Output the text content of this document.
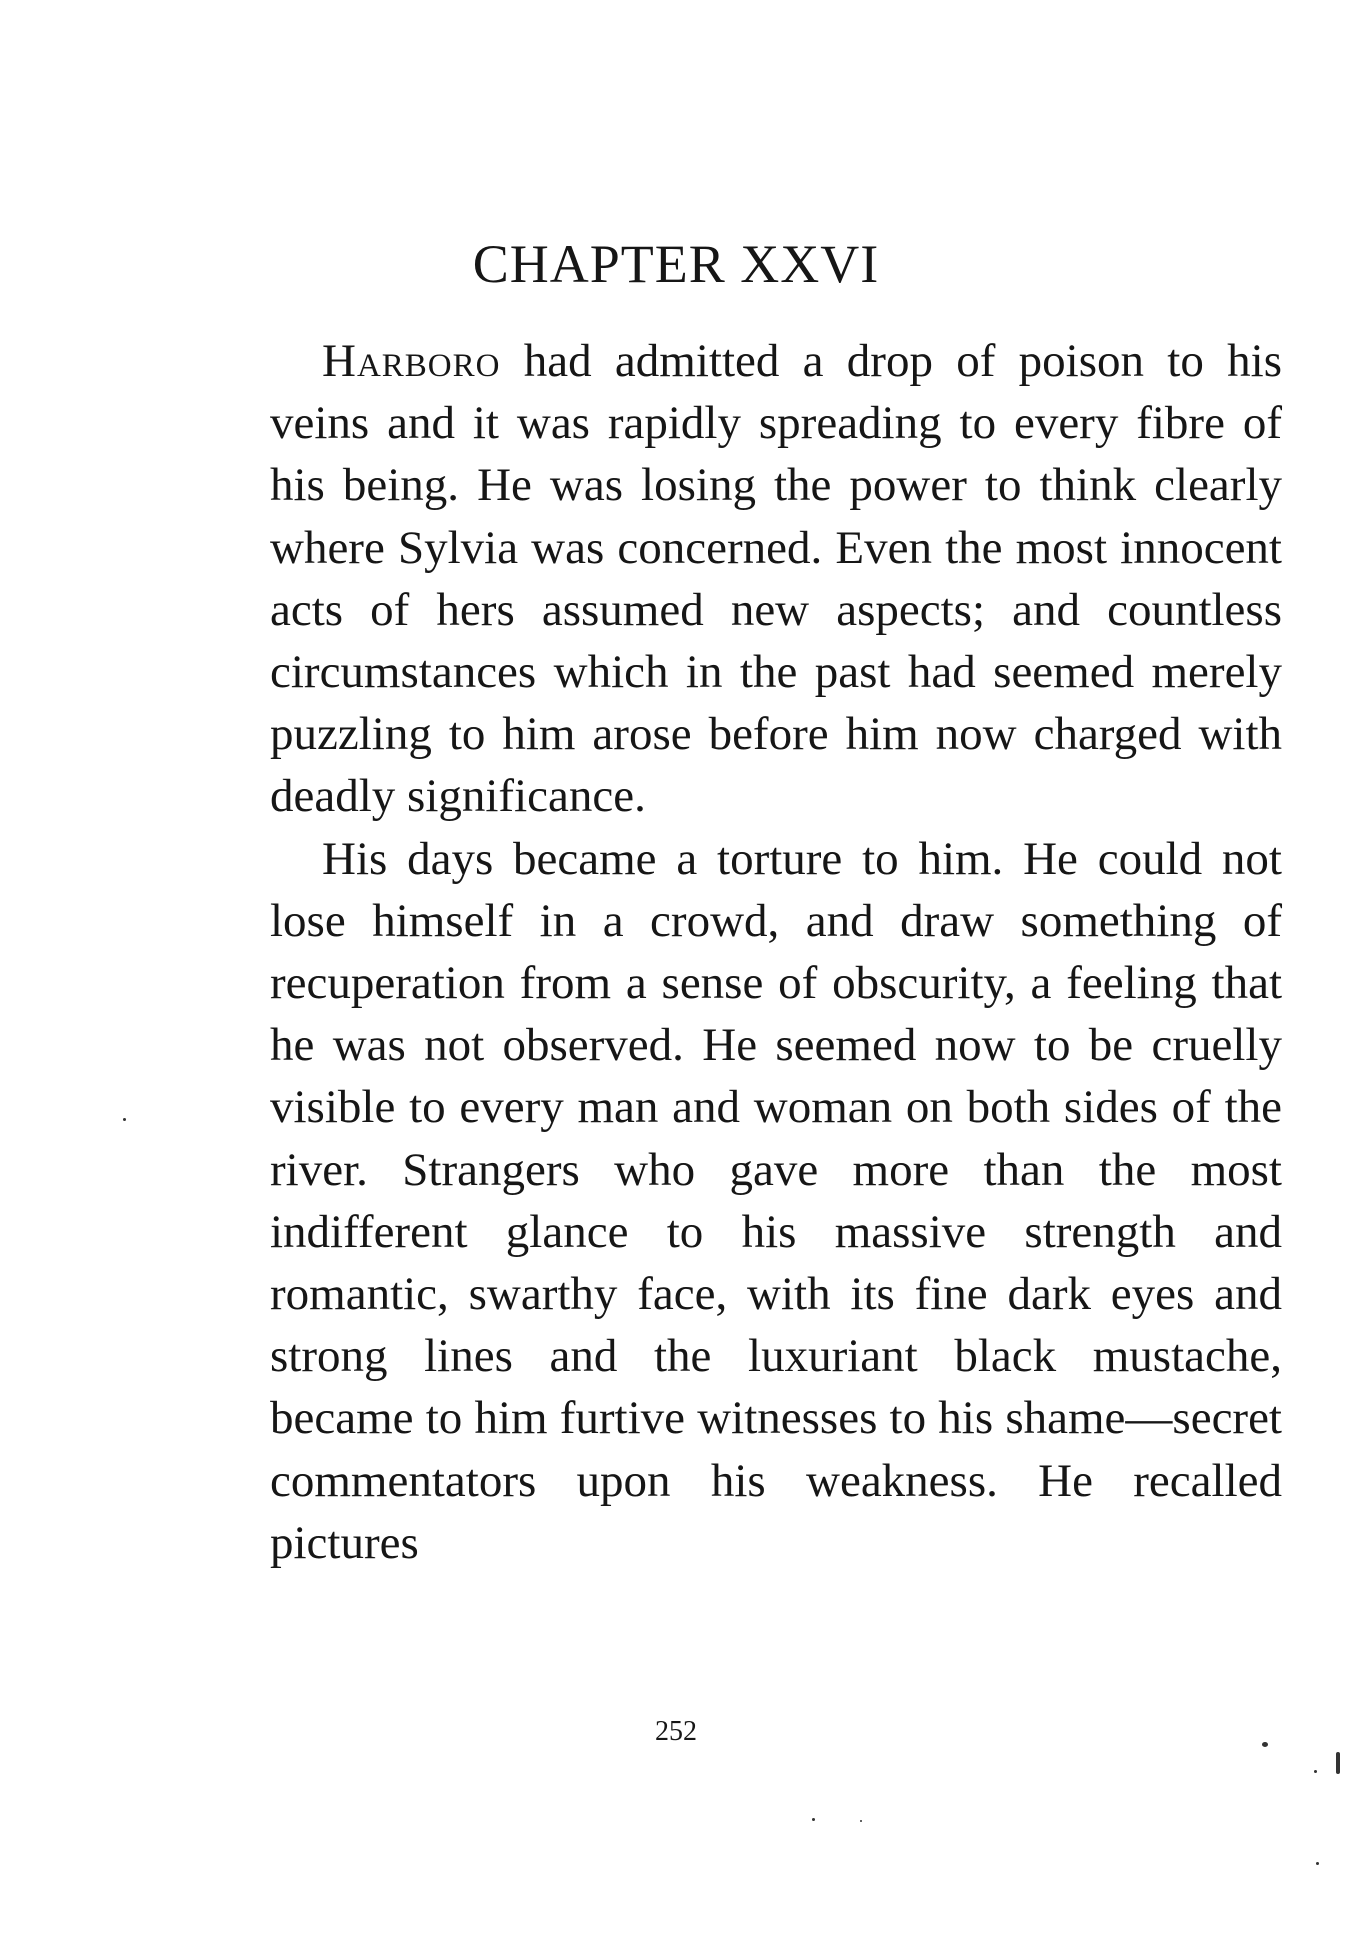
CHAPTER XXVI

Harboro had admitted a drop of poison to his veins and it was rapidly spreading to every fibre of his being. He was losing the power to think clearly where Sylvia was concerned. Even the most innocent acts of hers assumed new aspects; and countless circumstances which in the past had seemed merely puzzling to him arose before him now charged with deadly significance.

His days became a torture to him. He could not lose himself in a crowd, and draw something of recuperation from a sense of obscurity, a feeling that he was not observed. He seemed now to be cruelly visible to every man and woman on both sides of the river. Strangers who gave more than the most indifferent glance to his massive strength and romantic, swarthy face, with its fine dark eyes and strong lines and the luxuriant black mustache, became to him furtive witnesses to his shame—secret commentators upon his weakness. He recalled pictures

252
